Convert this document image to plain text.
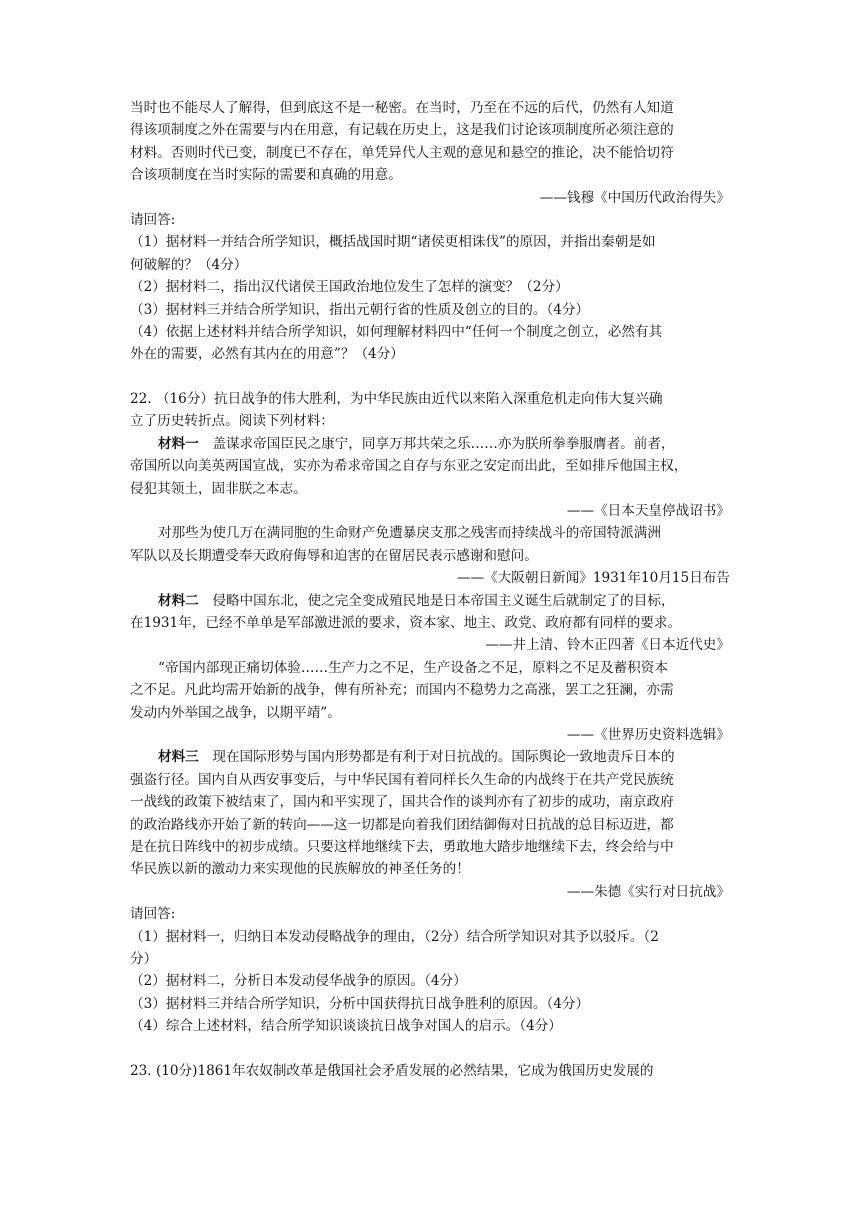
当时也不能尽人了解得，但到底这不是一秘密。在当时，乃至在不远的后代，仍然有人知道

得该项制度之外在需要与内在用意，有记载在历史上，这是我们讨论该项制度所必须注意的

材料。否则时代已变，制度已不存在，单凭异代人主观的意见和悬空的推论，决不能恰切符

合该项制度在当时实际的需要和真确的用意。

——钱穆《中国历代政治得失》

请回答:

（1）据材料一并结合所学知识，概括战国时期“诸侯更相诛伐”的原因，并指出秦朝是如

何破解的？（4分）

（2）据材料二，指出汉代诸侯王国政治地位发生了怎样的演变？（2分）

（3）据材料三并结合所学知识，指出元朝行省的性质及创立的目的。（4分）

（4）依据上述材料并结合所学知识，如何理解材料四中“任何一个制度之创立，必然有其

外在的需要，必然有其内在的用意”？（4分）

22. （16分）抗日战争的伟大胜利，为中华民族由近代以来陷入深重危机走向伟大复兴确

立了历史转折点。阅读下列材料：

材料一　盖谋求帝国臣民之康宁，同享万邦共荣之乐……亦为朕所拳拳服膺者。前者，

帝国所以向美英两国宣战，实亦为希求帝国之自存与东亚之安定而出此，至如排斥他国主权，

侵犯其领土，固非朕之本志。

——《日本天皇停战诏书》

对那些为使几万在满同胞的生命财产免遭暴戾支那之残害而持续战斗的帝国特派满洲

军队以及长期遭受奉天政府侮辱和迫害的在留居民表示感谢和慰问。

——《大阪朝日新闻》1931年10月15日布告

材料二　侵略中国东北，使之完全变成殖民地是日本帝国主义诞生后就制定了的目标，

在1931年，已经不单单是军部激进派的要求，资本家、地主、政党、政府都有同样的要求。

——井上清、铃木正四著《日本近代史》

“帝国内部现正痛切体验……生产力之不足，生产设备之不足，原料之不足及蓄积资本

之不足。凡此均需开始新的战争，俾有所补充；而国内不稳势力之高涨，罢工之狂澜，亦需

发动内外举国之战争，以期平靖”。

——《世界历史资料选辑》

材料三　现在国际形势与国内形势都是有利于对日抗战的。国际舆论一致地责斥日本的

强盗行径。国内自从西安事变后，与中华民国有着同样长久生命的内战终于在共产党民族统

一战线的政策下被结束了，国内和平实现了，国共合作的谈判亦有了初步的成功，南京政府

的政治路线亦开始了新的转向——这一切都是向着我们团结御侮对日抗战的总目标迈进，都

是在抗日阵线中的初步成绩。只要这样地继续下去，勇敢地大踏步地继续下去，终会给与中

华民族以新的激动力来实现他的民族解放的神圣任务的！

——朱德《实行对日抗战》

请回答:

（1）据材料一，归纳日本发动侵略战争的理由，（2分）结合所学知识对其予以驳斥。（2

分）

（2）据材料二，分析日本发动侵华战争的原因。（4分）

（3）据材料三并结合所学知识，分析中国获得抗日战争胜利的原因。（4分）

（4）综合上述材料，结合所学知识谈谈抗日战争对国人的启示。（4分）

23. (10分)1861年农奴制改革是俄国社会矛盾发展的必然结果，它成为俄国历史发展的
